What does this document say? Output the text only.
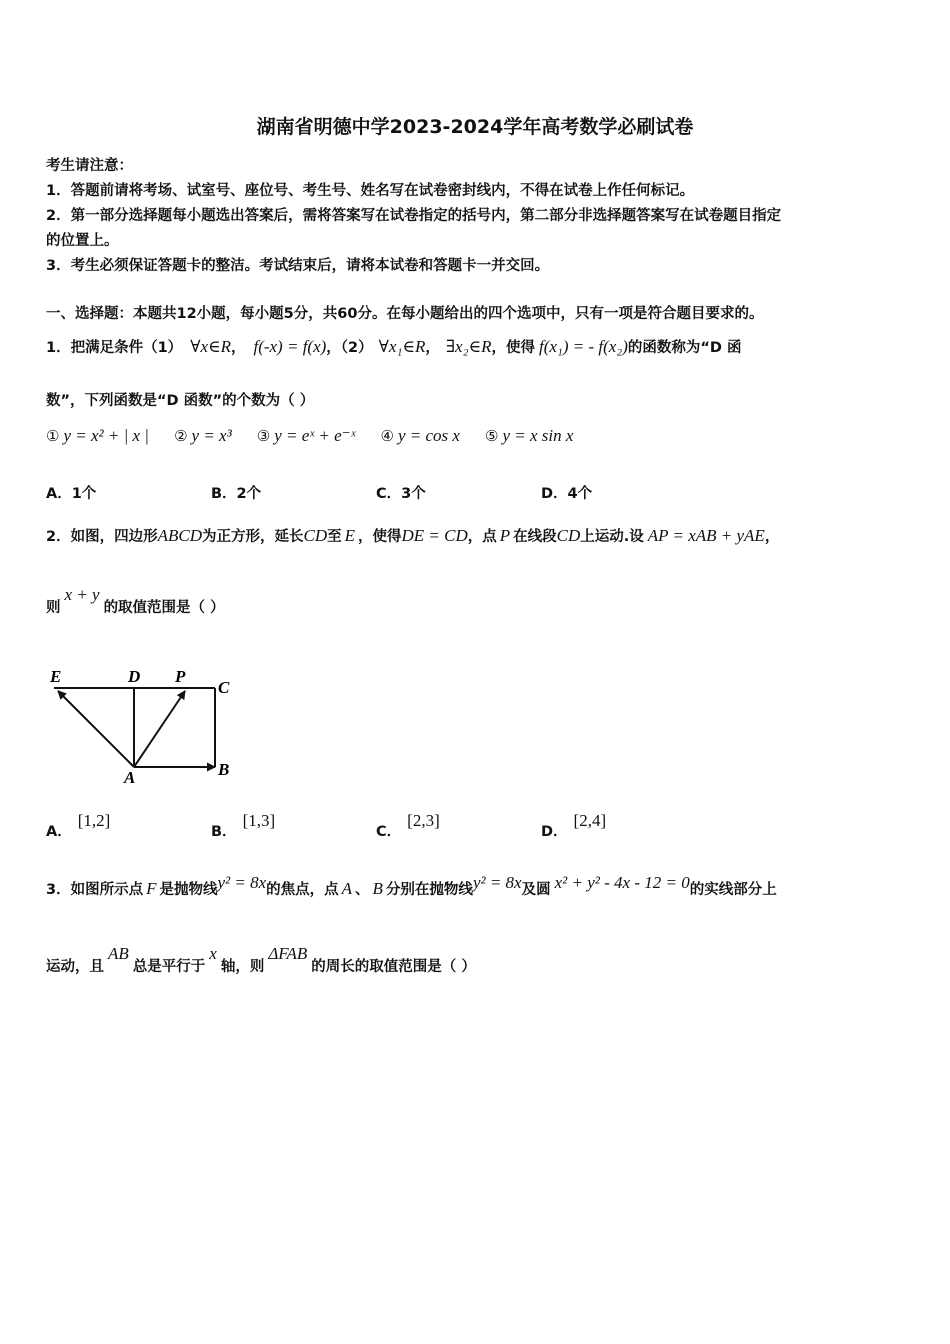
湖南省明德中学2023-2024学年高考数学必刷试卷
考生请注意：
1．答题前请将考场、试室号、座位号、考生号、姓名写在试卷密封线内，不得在试卷上作任何标记。
2．第一部分选择题每小题选出答案后，需将答案写在试卷指定的括号内，第二部分非选择题答案写在试卷题目指定
的位置上。
3．考生必须保证答题卡的整洁。考试结束后，请将本试卷和答题卡一并交回。
一、选择题：本题共12小题，每小题5分，共60分。在每小题给出的四个选项中，只有一项是符合题目要求的。
1．把满足条件（1） ∀x∈R， f(-x) = f(x)，（2） ∀x₁∈R， ∃x₂∈R，使得 f(x₁) = - f(x₂)的函数称为“D 函
数”，下列函数是“D 函数”的个数为（ ）
① y = x² + | x | ② y = x³ ③ y = eˣ + e⁻ˣ ④ y = cos x ⑤ y = x sin x
A．1个	B．2个	C．3个	D．4个
2．如图，四边形ABCD为正方形，延长CD至 E ，使得DE = CD，点 P 在线段CD上运动.设 AP = xAB + yAE，
则x + y的取值范围是（ ）
E	D P
C
A	B
A．[1,2]
B．[1,3]
C．[2,3]
D．[2,4]
3．如图所示点 F 是抛物线y² = 8x的焦点，点 A 、 B 分别在抛物线y² = 8x及圆 x² + y² - 4x - 12 = 0的实线部分上
运动，且AB总是平行于x轴，则ΔFAB的周长的取值范围是（ ）
